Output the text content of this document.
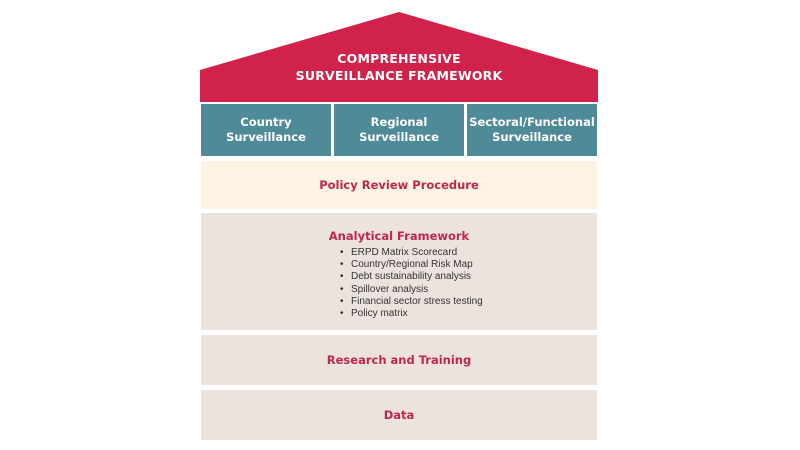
COMPREHENSIVE
SURVEILLANCE FRAMEWORK
Country
Surveillance
Regional
Surveillance
Sectoral/Functional
Surveillance
Policy Review Procedure
Analytical Framework
• ERPD Matrix Scorecard
• Country/Regional Risk Map
• Debt sustainability analysis
• Spillover analysis
• Financial sector stress testing
• Policy matrix
Research and Training
Data
